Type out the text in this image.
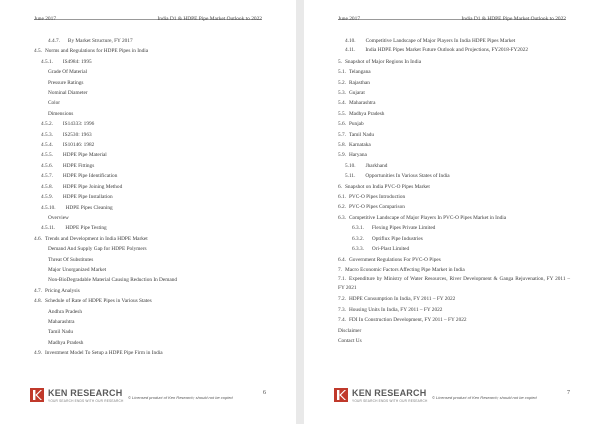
June 2017	India D1 & HDPE Pipe Market Outlook to 2022
4.4.7. By Market Structure, FY 2017
4.5. Norms and Regulations for HDPE Pipes in India
4.5.1. IS4984: 1995
Grade Of Material
Pressure Ratings
Nominal Diameter
Color
Dimensions
4.5.2. IS14333: 1996
4.5.3. IS2530: 1963
4.5.4. IS10146: 1982
4.5.5. HDPE Pipe Material
4.5.6. HDPE Fittings
4.5.7. HDPE Pipe Identification
4.5.8. HDPE Pipe Joining Method
4.5.9. HDPE Pipe Installation
4.5.10. HDPE Pipes Cleaning
Overview
4.5.11. HDPE Pipe Testing
4.6. Trends and Development in India HDPE Market
Demand And Supply Gap for HDPE Polymers
Threat Of Substitutes
Major Unorganized Market
Non-BioDegradable Material Causing Reduction In Demand
4.7. Pricing Analysis
4.8. Schedule of Rate of HDPE Pipes in Various States
Andhra Pradesh
Maharashtra
Tamil Nadu
Madhya Pradesh
4.9. Investment Model To Setup a HDPE Pipe Firm in India
KEN RESEARCH
YOUR SEARCH ENDS WITH OUR RESEARCH
© Licensed product of Ken Research; should not be copied
6
June 2017	India D1 & HDPE Pipe Market Outlook to 2022
4.10. Competitive Landscape of Major Players In India HDPE Pipes Market
4.11. India HDPE Pipes Market Future Outlook and Projections, FY2018-FY2022
5. Snapshot of Major Regions In India
5.1. Telangana
5.2. Rajasthan
5.3. Gujarat
5.4. Maharashtra
5.5. Madhya Pradesh
5.6. Punjab
5.7. Tamil Nadu
5.8. Karnataka
5.9. Haryana
5.10. Jharkhand
5.11. Opportunities In Various States of India
6. Snapshot on India PVC-O Pipes Market
6.1. PVC-O Pipes Introduction
6.2. PVC-O Pipes Comparison
6.3. Competitive Landscape of Major Players In PVC-O Pipes Market in India
6.3.1. Flexing Pipes Private Limited
6.3.2. Optiflux Pipe Industries
6.3.3. Ori-Plast Limited
6.4. Government Regulations For PVC-O Pipes
7. Macro Economic Factors Affecting Pipe Market in India
7.1. Expenditure by Ministry of Water Resources, River Development & Ganga Rejuvenation, FY 2011 – FY 2021
7.2. HDPE Consumption In India, FY 2011 – FY 2022
7.3. Housing Units In India, FY 2011 – FY 2022
7.4. FDI In Construction Development, FY 2011 – FY 2022
Disclaimer
Contact Us
KEN RESEARCH
YOUR SEARCH ENDS WITH OUR RESEARCH
© Licensed product of Ken Research; should not be copied
7
